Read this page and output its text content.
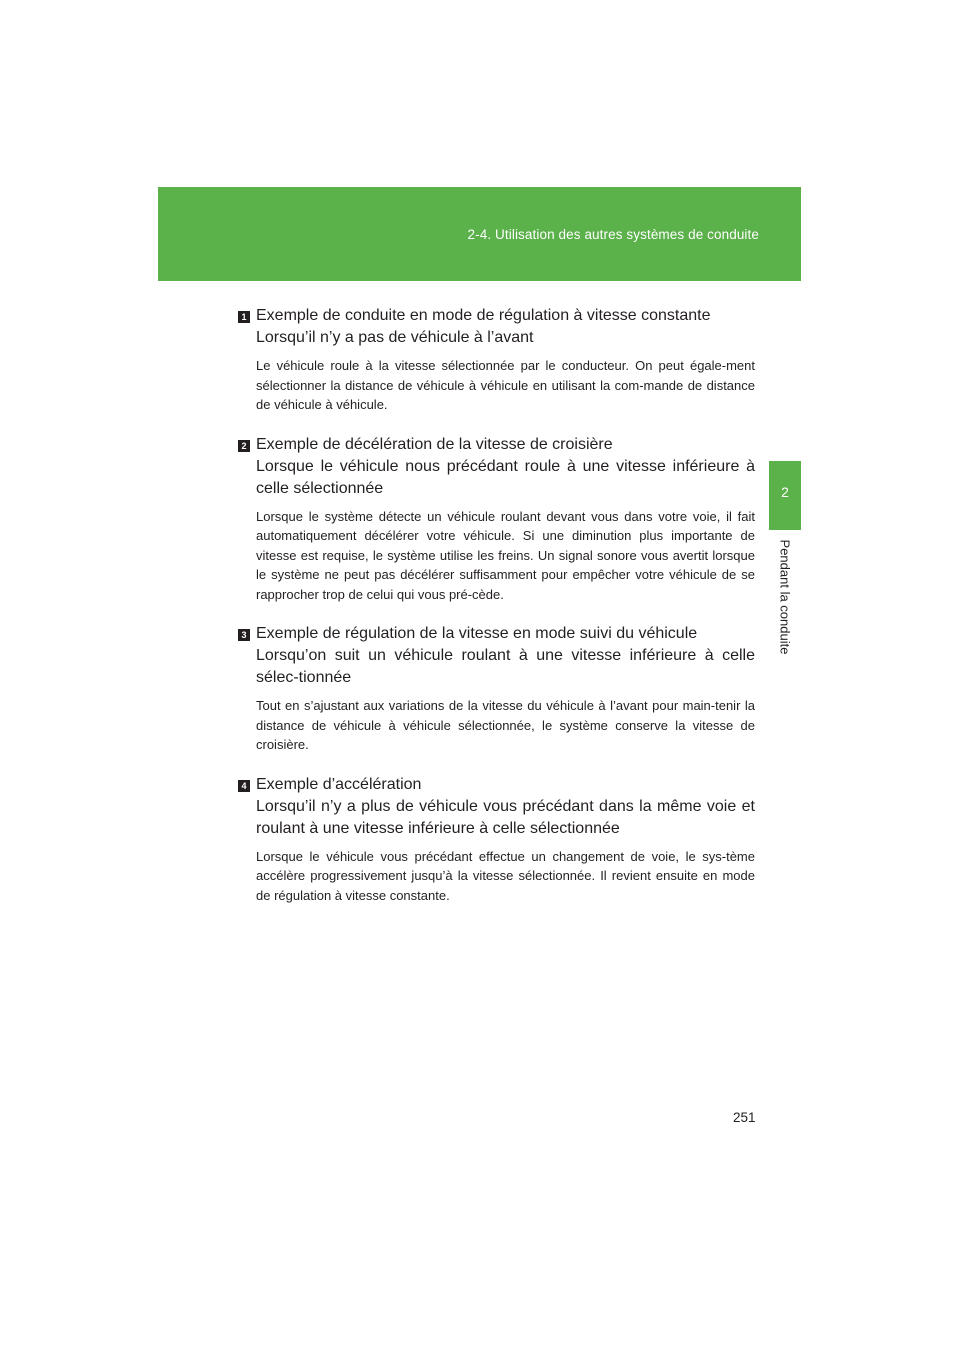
2-4. Utilisation des autres systèmes de conduite
2
Pendant la conduite
1 Exemple de conduite en mode de régulation à vitesse constante
Lorsqu’il n’y a pas de véhicule à l’avant
Le véhicule roule à la vitesse sélectionnée par le conducteur. On peut égale-ment sélectionner la distance de véhicule à véhicule en utilisant la com-mande de distance de véhicule à véhicule.
2 Exemple de décélération de la vitesse de croisière
Lorsque le véhicule nous précédant roule à une vitesse inférieure à celle sélectionnée
Lorsque le système détecte un véhicule roulant devant vous dans votre voie, il fait automatiquement décélérer votre véhicule. Si une diminution plus importante de vitesse est requise, le système utilise les freins. Un signal sonore vous avertit lorsque le système ne peut pas décélérer suffisamment pour empêcher votre véhicule de se rapprocher trop de celui qui vous pré-cède.
3 Exemple de régulation de la vitesse en mode suivi du véhicule
Lorsqu’on suit un véhicule roulant à une vitesse inférieure à celle sélec-tionnée
Tout en s’ajustant aux variations de la vitesse du véhicule à l’avant pour main-tenir la distance de véhicule à véhicule sélectionnée, le système conserve la vitesse de croisière.
4 Exemple d’accélération
Lorsqu’il n’y a plus de véhicule vous précédant dans la même voie et roulant à une vitesse inférieure à celle sélectionnée
Lorsque le véhicule vous précédant effectue un changement de voie, le sys-tème accélère progressivement jusqu’à la vitesse sélectionnée. Il revient ensuite en mode de régulation à vitesse constante.
251
